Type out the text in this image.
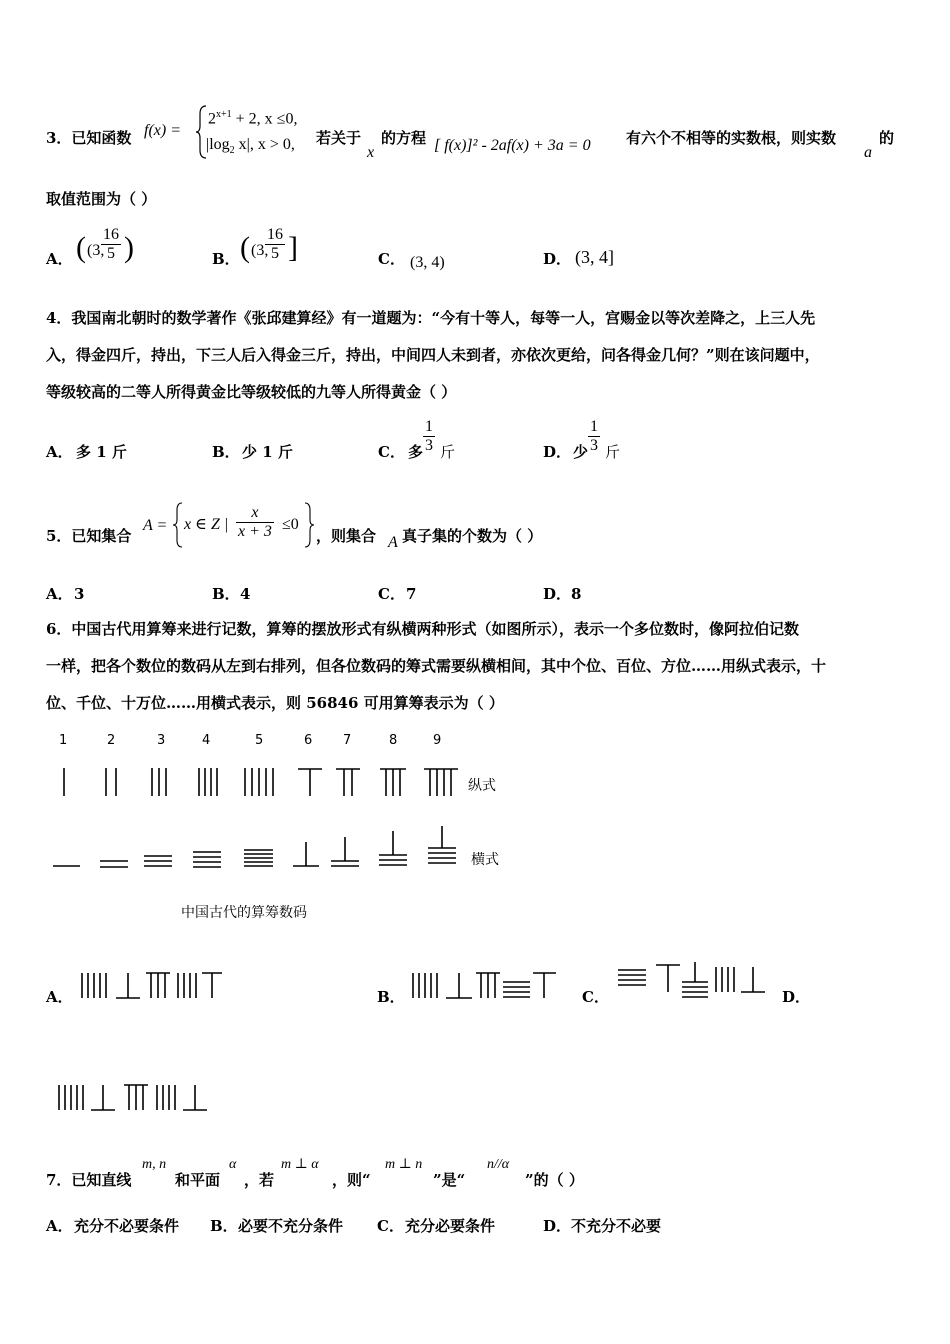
3．已知函数 f(x) =
$2^{x+1} + 2$, x ≤0,
$|\log_2$ x|, x > 0, 若关于
x
的方程 [ f(x)]² - 2af(x) + 3a = 0 有六个不相等的实数根，则实数
a
的
取值范围为（ ）
A． ( (3,
$\frac{16}{5}$ )	B． ( (3,
$\frac{16}{5}$ ]	C． (3, 4)	D． (3, 4]
4．我国南北朝时的数学著作《张邱建算经》有一道题为：“今有十等人，每等一人，宫赐金以等次差降之，上三人先
入，得金四斤，持出，下三人后入得金三斤，持出，中间四人未到者，亦依次更给，问各得金几何？”则在该问题中，
等级较高的二等人所得黄金比等级较低的九等人所得黄金（ ）
A． 多 1 斤	B． 少 1 斤	C． 多 $\frac{1}{3}$ 斤	D． 少 $\frac{1}{3}$ 斤
5．已知集合
A = x ∈ Z | $\frac{x}{x + 3} \le 0$
，则集合 A 真子集的个数为（ ）
A． 3	B． 4	C． 7	D． 8
6．中国古代用算筹来进行记数，算筹的摆放形式有纵横两种形式（如图所示），表示一个多位数时，像阿拉伯记数
一样，把各个数位的数码从左到右排列，但各位数码的筹式需要纵横相间，其中个位、百位、方位……用纵式表示，十
位、千位、十万位……用横式表示，则 56846 可用算筹表示为（ ）
1	2	3	4	5	6 7	8	9
纵式
横式
中国古代的算筹数码
A．	B．	C．	D．
7．已知直线
m, n
和平面
α
，若
m ⊥ α
，则“
m ⊥ n
”是“
n//α
”的（ ）
A． 充分不必要条件 B． 必要不充分条件 C． 充分必要条件	D． 不充分不必要
